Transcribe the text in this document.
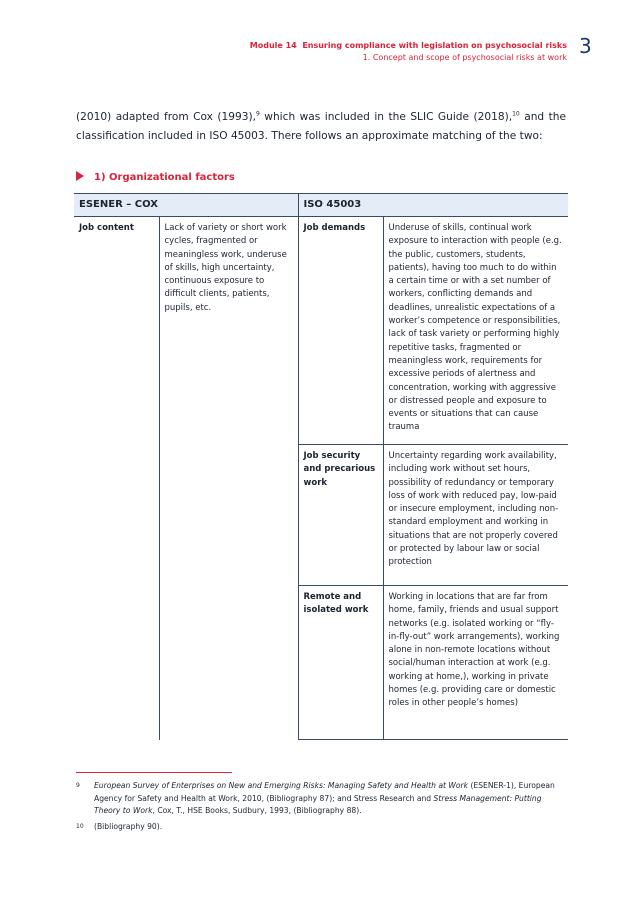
Module 14 Ensuring compliance with legislation on psychosocial risks
1. Concept and scope of psychosocial risks at work 3
(2010) adapted from Cox (1993),$^9$ which was included in the SLIC Guide (2018),$^{10}$ and the classification included in ISO 45003. There follows an approximate matching of the two:
1) Organizational factors
ESENER – COX		ISO 45003	
Job content	Lack of variety or short work cycles, fragmented or meaningless work, underuse of skills, high uncertainty, continuous exposure to difficult clients, patients, pupils, etc.	Job demands	Underuse of skills, continual work exposure to interaction with people (e.g. the public, customers, students, patients), having too much to do within a certain time or with a set number of workers, conflicting demands and deadlines, unrealistic expectations of a worker’s competence or responsibilities, lack of task variety or performing highly repetitive tasks, fragmented or meaningless work, requirements for excessive periods of alertness and concentration, working with aggressive or distressed people and exposure to events or situations that can cause trauma
		Job security and precarious work	Uncertainty regarding work availability, including work without set hours, possibility of redundancy or temporary loss of work with reduced pay, low-paid or insecure employment, including non-standard employment and working in situations that are not properly covered or protected by labour law or social protection
		Remote and isolated work	Working in locations that are far from home, family, friends and usual support networks (e.g. isolated working or “fly-in-fly-out” work arrangements), working alone in non-remote locations without social/human interaction at work (e.g. working at home,), working in private homes (e.g. providing care or domestic roles in other people’s homes)
9	European Survey of Enterprises on New and Emerging Risks: Managing Safety and Health at Work (ESENER-1), European Agency for Safety and Health at Work, 2010, (Bibliography 87); and Stress Research and Stress Management: Putting Theory to Work, Cox, T., HSE Books, Sudbury, 1993, (Bibliography 88).
10	(Bibliography 90).
